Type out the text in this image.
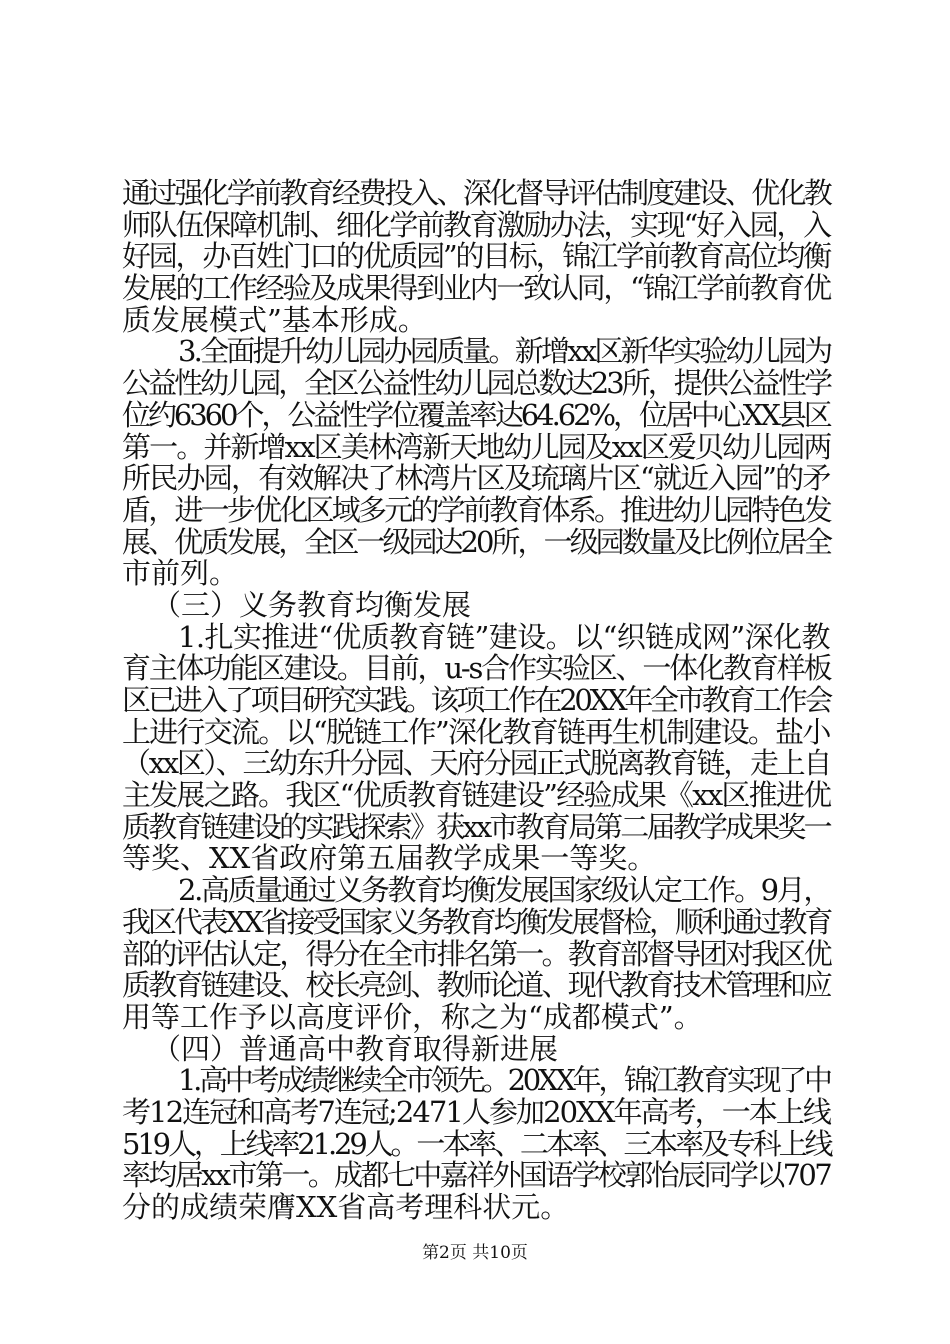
通过强化学前教育经费投入、深化督导评估制度建设、优化教
师队伍保障机制、细化学前教育激励办法，实现“好入园，入
好园，办百姓门口的优质园”的目标，锦江学前教育高位均衡
发展的工作经验及成果得到业内一致认同，“锦江学前教育优
质发展模式”基本形成。
3.全面提升幼儿园办园质量。新增xx区新华实验幼儿园为
公益性幼儿园，全区公益性幼儿园总数达23所，提供公益性学
位约6360个，公益性学位覆盖率达64.62%，位居中心XX县区
第一。并新增xx区美林湾新天地幼儿园及xx区爱贝幼儿园两
所民办园，有效解决了林湾片区及琉璃片区“就近入园”的矛
盾，进一步优化区域多元的学前教育体系。推进幼儿园特色发
展、优质发展，全区一级园达20所，一级园数量及比例位居全
市前列。
（三）义务教育均衡发展
1.扎实推进“优质教育链”建设。以“织链成网”深化教
育主体功能区建设。目前，u-s合作实验区、一体化教育样板
区已进入了项目研究实践。该项工作在20XX年全市教育工作会
上进行交流。以“脱链工作”深化教育链再生机制建设。盐小
（xx区）、三幼东升分园、天府分园正式脱离教育链，走上自
主发展之路。我区“优质教育链建设”经验成果《xx区推进优
质教育链建设的实践探索》获xx市教育局第二届教学成果奖一
等奖、XX省政府第五届教学成果一等奖。
2.高质量通过义务教育均衡发展国家级认定工作。9月，
我区代表XX省接受国家义务教育均衡发展督检，顺利通过教育
部的评估认定，得分在全市排名第一。教育部督导团对我区优
质教育链建设、校长亮剑、教师论道、现代教育技术管理和应
用等工作予以高度评价，称之为“成都模式”。
（四）普通高中教育取得新进展
1.高中考成绩继续全市领先。20XX年，锦江教育实现了中
考12连冠和高考7连冠;2471人参加20XX年高考，一本上线
519人，上线率21.29人。一本率、二本率、三本率及专科上线
率均居xx市第一。成都七中嘉祥外国语学校郭怡辰同学以707
分的成绩荣膺XX省高考理科状元。
第2页 共10页
